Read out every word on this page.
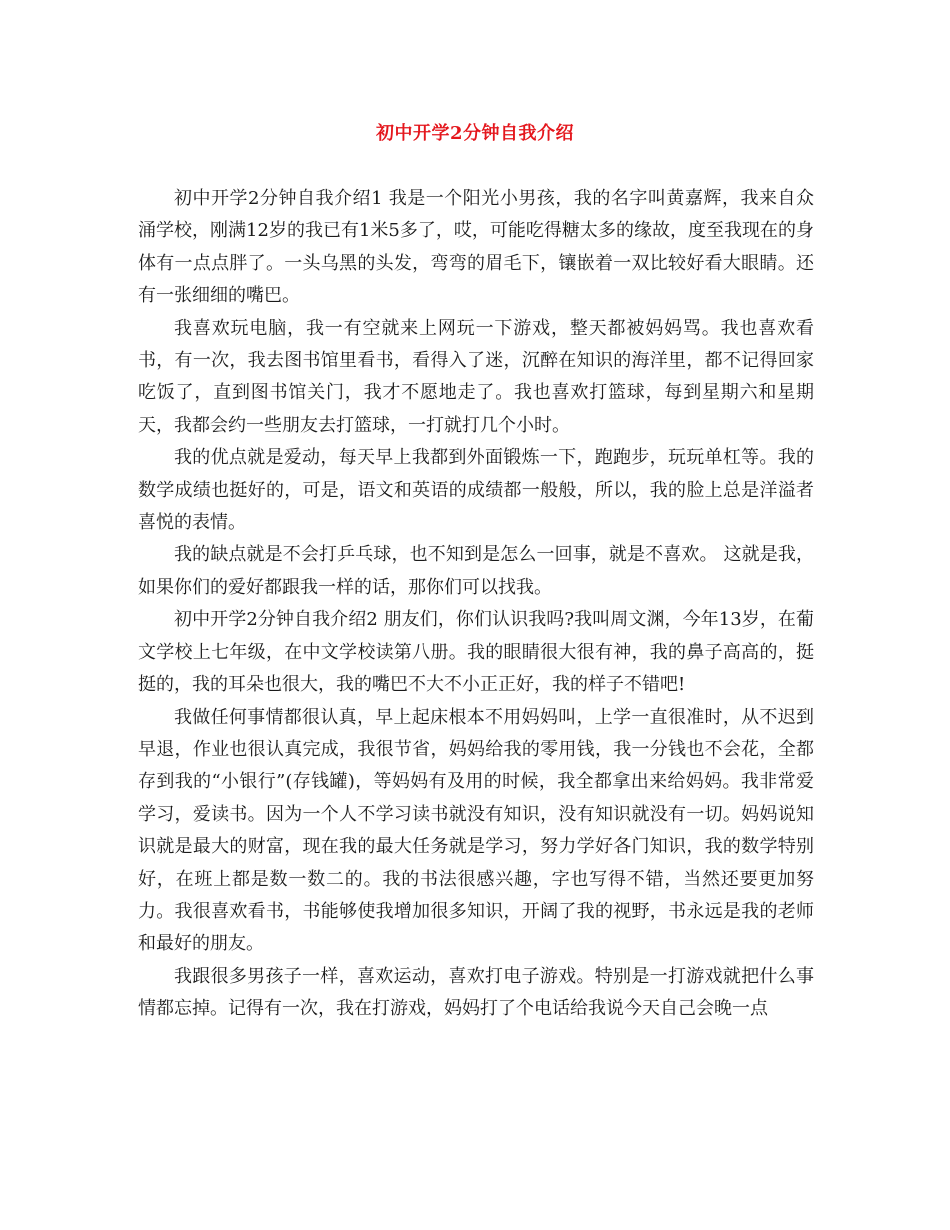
初中开学2分钟自我介绍

初中开学2分钟自我介绍1 我是一个阳光小男孩，我的名字叫黄嘉辉，我来自众涌学校，刚满12岁的我已有1米5多了，哎，可能吃得糖太多的缘故，度至我现在的身体有一点点胖了。一头乌黑的头发，弯弯的眉毛下，镶嵌着一双比较好看大眼睛。还有一张细细的嘴巴。

我喜欢玩电脑，我一有空就来上网玩一下游戏，整天都被妈妈骂。我也喜欢看书，有一次，我去图书馆里看书，看得入了迷，沉醉在知识的海洋里，都不记得回家吃饭了，直到图书馆关门，我才不愿地走了。我也喜欢打篮球，每到星期六和星期天，我都会约一些朋友去打篮球，一打就打几个小时。

我的优点就是爱动，每天早上我都到外面锻炼一下，跑跑步，玩玩单杠等。我的数学成绩也挺好的，可是，语文和英语的成绩都一般般，所以，我的脸上总是洋溢者喜悦的表情。

我的缺点就是不会打乒乓球，也不知到是怎么一回事，就是不喜欢。 这就是我，如果你们的爱好都跟我一样的话，那你们可以找我。

初中开学2分钟自我介绍2 朋友们，你们认识我吗?我叫周文渊，今年13岁，在葡文学校上七年级，在中文学校读第八册。我的眼睛很大很有神，我的鼻子高高的，挺挺的，我的耳朵也很大，我的嘴巴不大不小正正好，我的样子不错吧!

我做任何事情都很认真，早上起床根本不用妈妈叫，上学一直很准时，从不迟到早退，作业也很认真完成，我很节省，妈妈给我的零用钱，我一分钱也不会花，全都存到我的“小银行”(存钱罐)，等妈妈有及用的时候，我全都拿出来给妈妈。我非常爱学习，爱读书。因为一个人不学习读书就没有知识，没有知识就没有一切。妈妈说知识就是最大的财富，现在我的最大任务就是学习，努力学好各门知识，我的数学特别好，在班上都是数一数二的。我的书法很感兴趣，字也写得不错，当然还要更加努力。我很喜欢看书，书能够使我增加很多知识，开阔了我的视野，书永远是我的老师和最好的朋友。

我跟很多男孩子一样，喜欢运动，喜欢打电子游戏。特别是一打游戏就把什么事情都忘掉。记得有一次，我在打游戏，妈妈打了个电话给我说今天自己会晚一点
